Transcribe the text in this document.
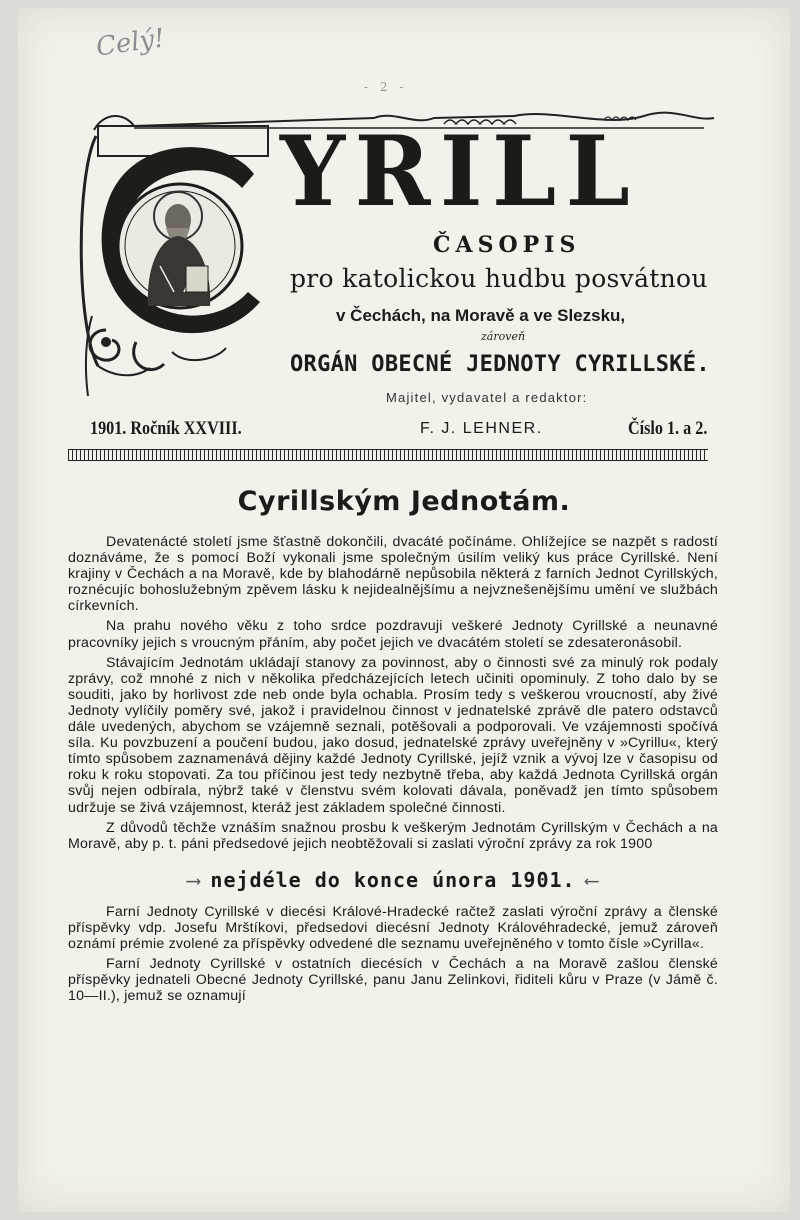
Celý!
- 2 -
YRILL
ČASOPIS
pro katolickou hudbu posvátnou
v Čechách, na Moravě a ve Slezsku,
zároveň
ORGÁN OBECNÉ JEDNOTY CYRILLSKÉ.
Majitel, vydavatel a redaktor:
1901. Ročník XXVIII.	F. J. LEHNER.	Číslo 1. a 2.
Cyrillským Jednotám.

Devatenácté století jsme šťastně dokončili, dvacáté počínáme. Ohlížejíce se nazpět s radostí doznáváme, že s pomocí Boží vykonali jsme společným úsilím veliký kus práce Cyrillské. Není krajiny v Čechách a na Moravě, kde by blahodárně nepůsobila některá z farních Jednot Cyrillských, roznécujíc bohoslužebným zpěvem lásku k nejidealnějšímu a nejvznešenějšímu umění ve službách církevních.

Na prahu nového věku z toho srdce pozdravuji veškeré Jednoty Cyrillské a neunavné pracovníky jejich s vroucným přáním, aby počet jejich ve dvacátém století se zdesateronásobil.

Stávajícím Jednotám ukládají stanovy za povinnost, aby o činnosti své za minulý rok podaly zprávy, což mnohé z nich v několika předcházejících letech učiniti opominuly. Z toho dalo by se souditi, jako by horlivost zde neb onde byla ochabla. Prosím tedy s veškerou vroucností, aby živé Jednoty vylíčily poměry své, jakož i pravidelnou činnost v jednatelské zprávě dle patero odstavců dále uvedených, abychom se vzájemně seznali, potěšovali a podporovali. Ve vzájemnosti spočívá síla. Ku povzbuzení a poučení budou, jako dosud, jednatelské zprávy uveřejněny v »Cyrillu«, který tímto spůsobem zaznamenává dějiny každé Jednoty Cyrillské, jejíž vznik a vývoj lze v časopisu od roku k roku stopovati. Za tou příčinou jest tedy nezbytně třeba, aby každá Jednota Cyrillská orgán svůj nejen odbírala, nýbrž také v členstvu svém kolovati dávala, poněvadž jen tímto spůsobem udržuje se živá vzájemnost, kteráž jest základem společné činnosti.

Z důvodů těchže vznáším snažnou prosbu k veškerým Jednotám Cyrillským v Čechách a na Moravě, aby p. t. páni předsedové jejich neobtěžovali si zaslati výroční zprávy za rok 1900

⟶ nejdéle do konce února 1901. ⟵

Farní Jednoty Cyrillské v diecési Králové-Hradecké račtež zaslati výroční zprávy a členské příspěvky vdp. Josefu Mrštíkovi, předsedovi diecésní Jednoty Královéhradecké, jemuž zároveň oznámí prémie zvolené za příspěvky odvedené dle seznamu uveřejněného v tomto čísle »Cyrilla«.

Farní Jednoty Cyrillské v ostatních diecésích v Čechách a na Moravě zašlou členské příspěvky jednateli Obecné Jednoty Cyrillské, panu Janu Zelinkovi, řiditeli kůru v Praze (v Jámě č. 10—II.), jemuž se oznamují
